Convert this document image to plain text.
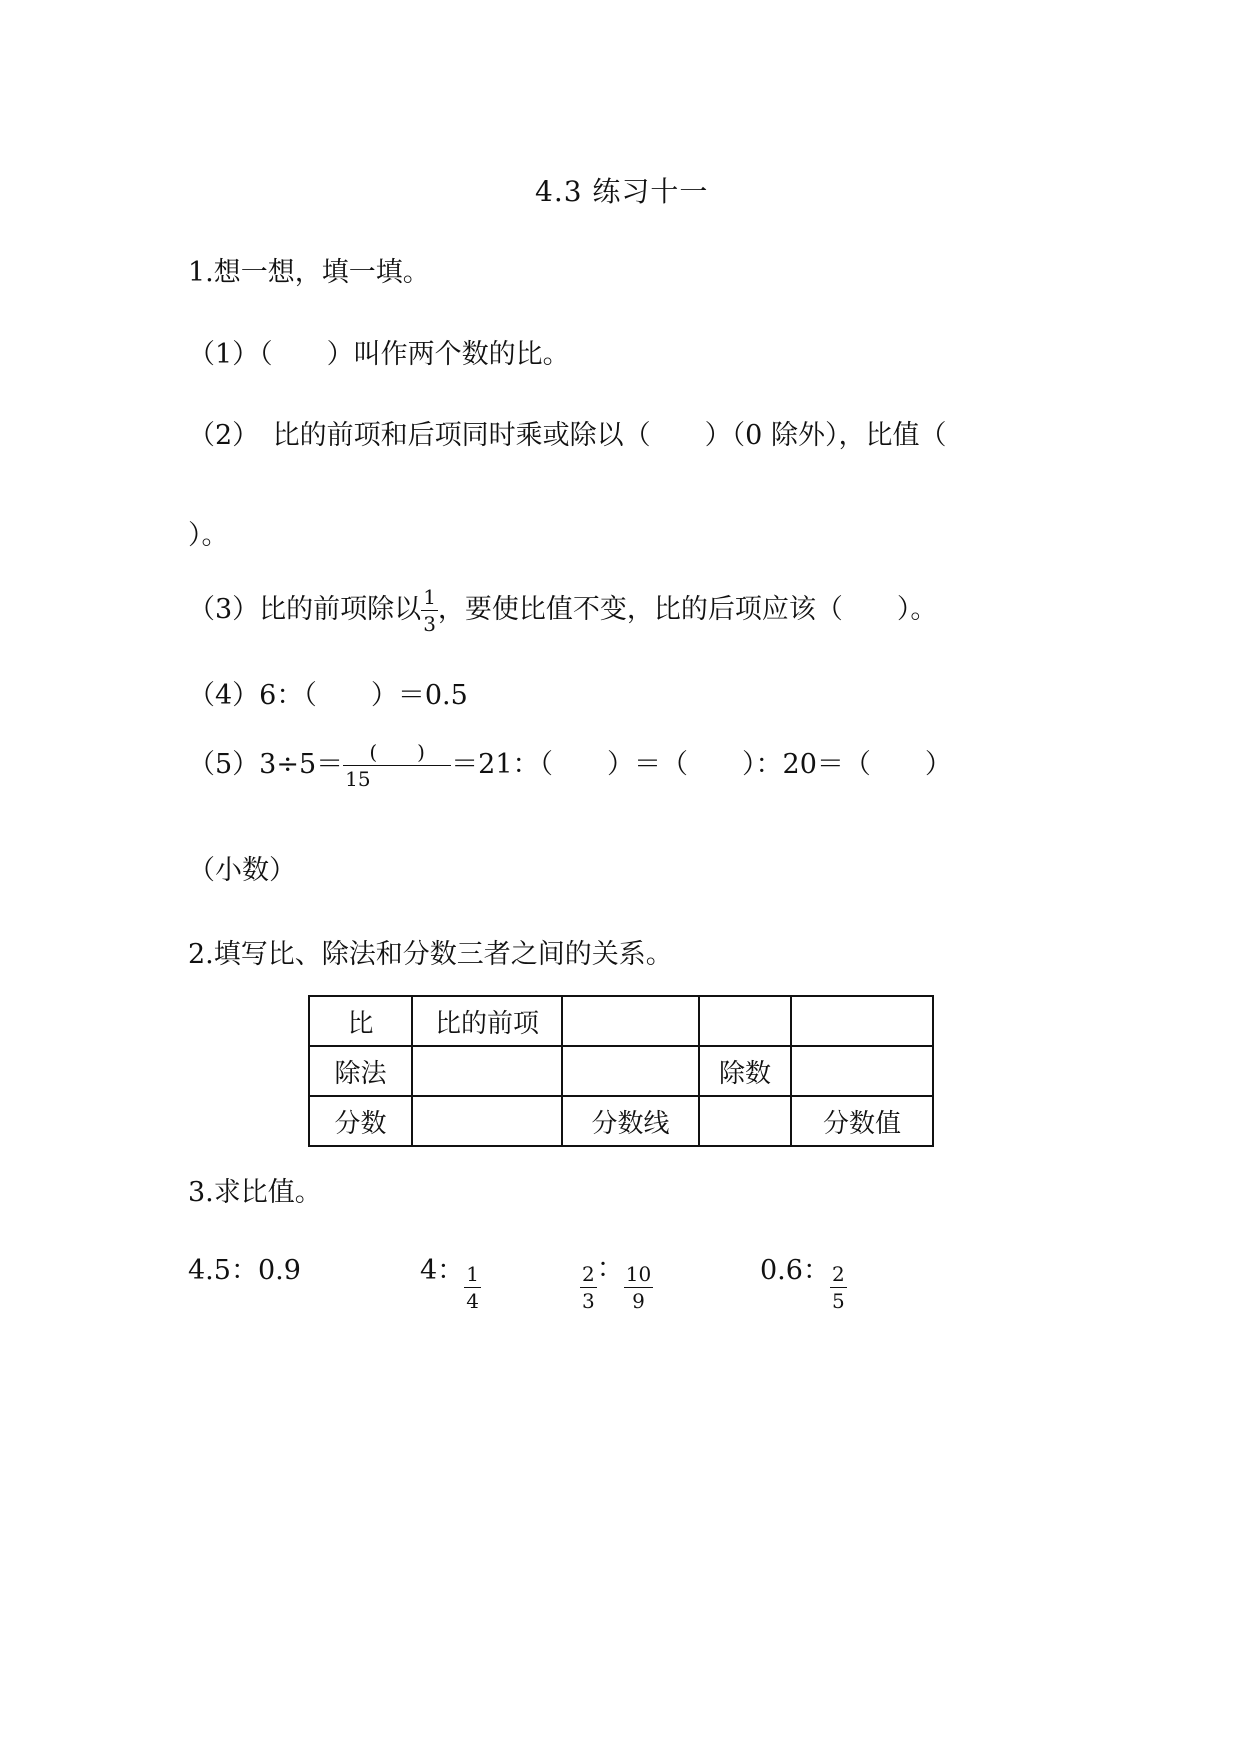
4.3 练习十一
1.想一想，填一填。
（1）（　　）叫作两个数的比。
（2）　比的前项和后项同时乘或除以（　　）（0 除外），比值（
）。
（3）比的前项除以 $\frac{1}{3}$ ，要使比值不变，比的后项应该（　　）。
（4）6：（　　）＝0.5
$(5)3\div 5= \frac{( )}{15} =21$：（　　）＝（　　）：20＝（　　）
（小数）
2.填写比、除法和分数三者之间的关系。
比	比的前项			
除法			除数	
分数		分数线		分数值
3.求比值。
4.5：0.9	4： $\frac{1}{4}$	$\frac{2}{3}$ ： $\frac{10}{9}$	0.6： $\frac{2}{5}$
